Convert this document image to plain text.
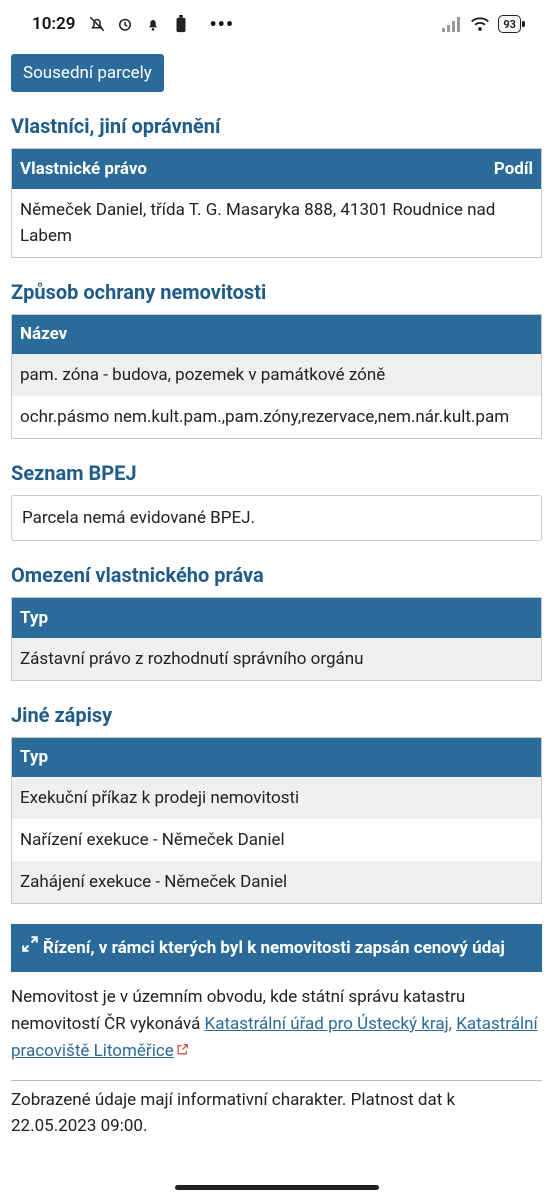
10:29	•••	93
Sousední parcely
Vlastníci, jiní oprávnění
Vlastnické právo	Podíl
Němeček Daniel, třída T. G. Masaryka 888, 41301 Roudnice nad Labem
Způsob ochrany nemovitosti
Název
pam. zóna - budova, pozemek v památkové zóně
ochr.pásmo nem.kult.pam.,pam.zóny,rezervace,nem.nár.kult.pam
Seznam BPEJ
Parcela nemá evidované BPEJ.
Omezení vlastnického práva
Typ
Zástavní právo z rozhodnutí správního orgánu
Jiné zápisy
Typ
Exekuční příkaz k prodeji nemovitosti
Nařízení exekuce - Němeček Daniel
Zahájení exekuce - Němeček Daniel
Řízení, v rámci kterých byl k nemovitosti zapsán cenový údaj

Nemovitost je v územním obvodu, kde státní správu katastru nemovitostí ČR vykonává Katastrální úřad pro Ústecký kraj, Katastrální pracoviště Litoměřice

Zobrazené údaje mají informativní charakter. Platnost dat k 22.05.2023 09:00.
